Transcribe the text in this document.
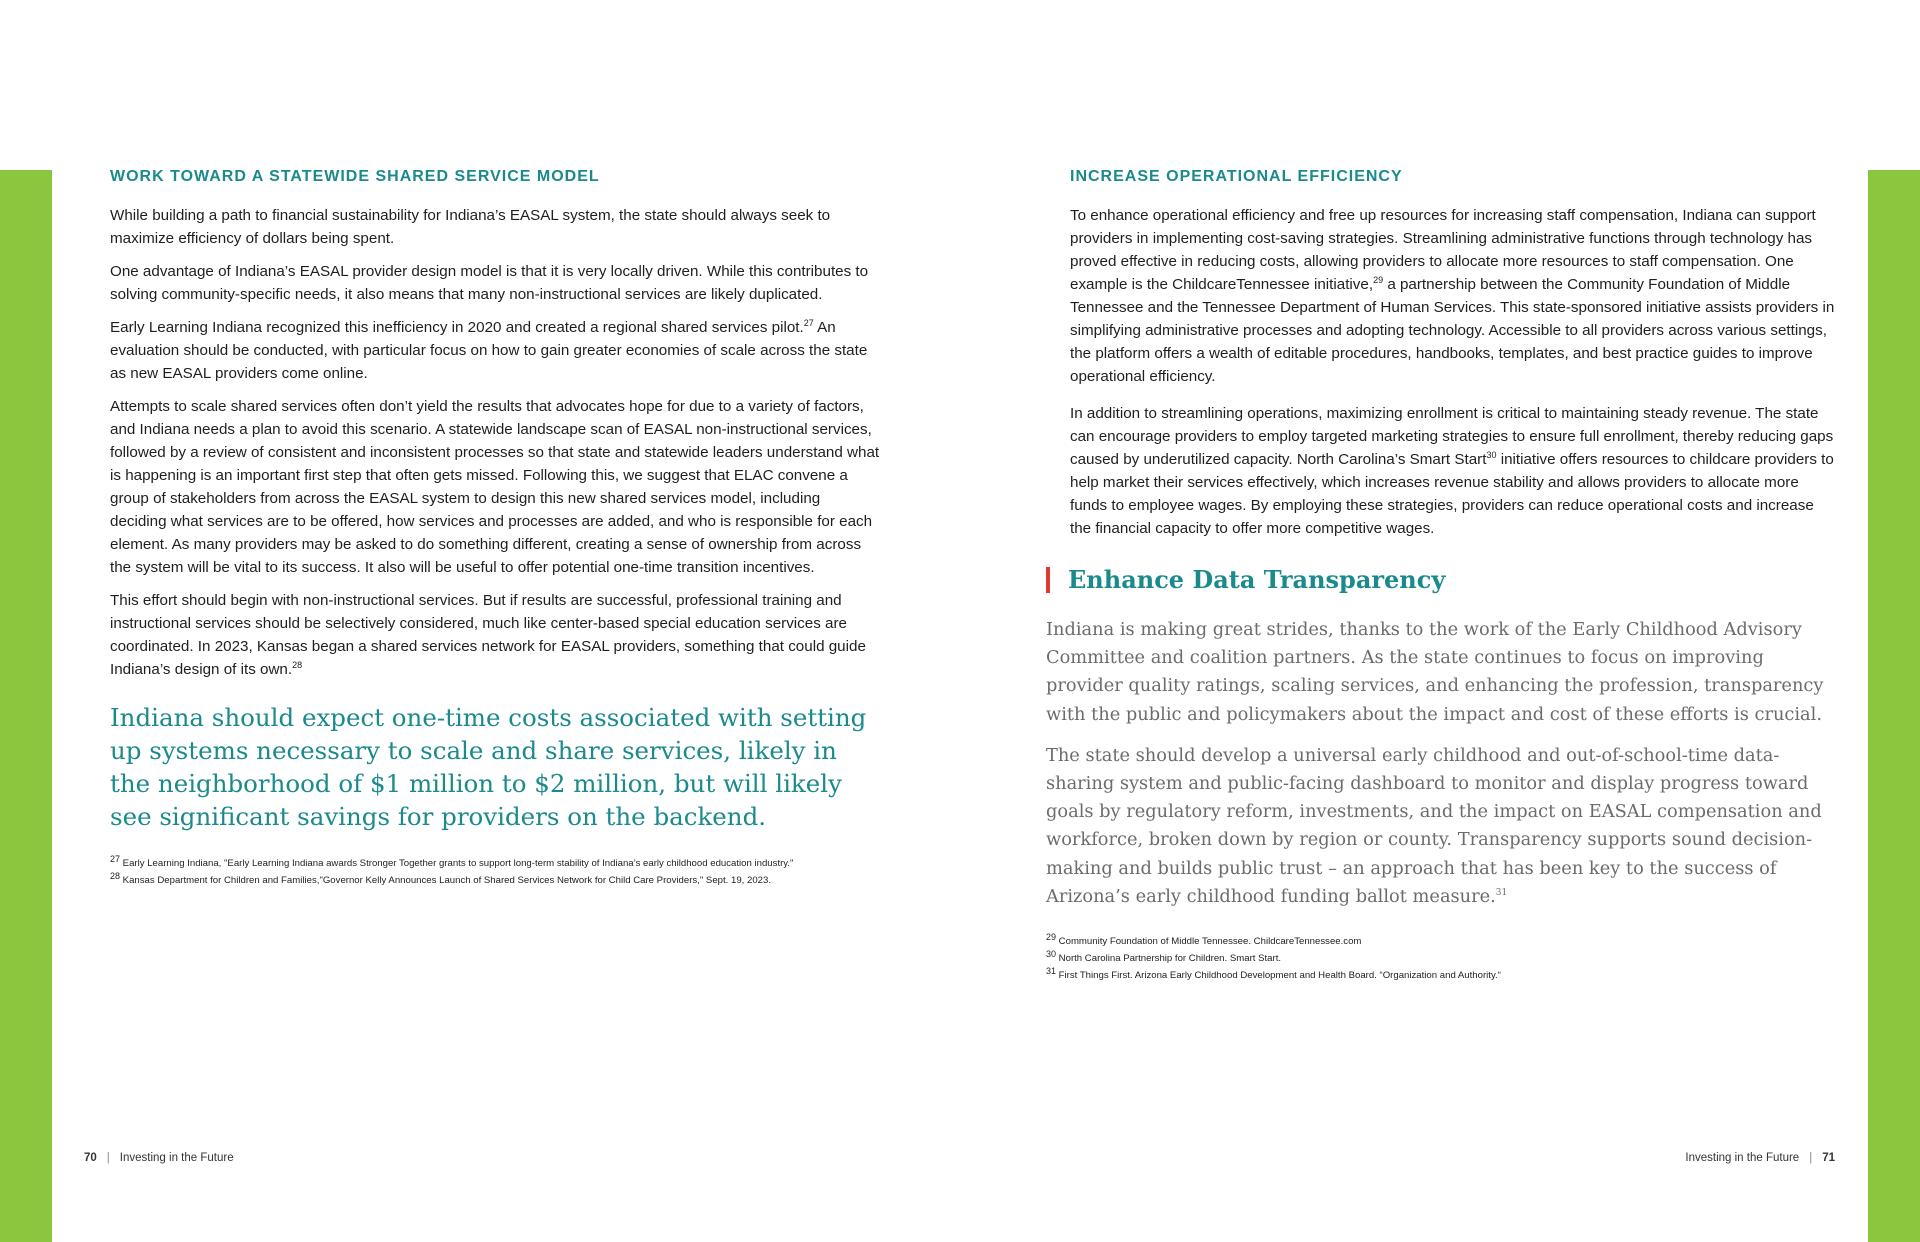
WORK TOWARD A STATEWIDE SHARED SERVICE MODEL

While building a path to financial sustainability for Indiana’s EASAL system, the state should always seek to maximize efficiency of dollars being spent.

One advantage of Indiana’s EASAL provider design model is that it is very locally driven. While this contributes to solving community-specific needs, it also means that many non-instructional services are likely duplicated.

Early Learning Indiana recognized this inefficiency in 2020 and created a regional shared services pilot.$^{27}$ An evaluation should be conducted, with particular focus on how to gain greater economies of scale across the state as new EASAL providers come online.

Attempts to scale shared services often don’t yield the results that advocates hope for due to a variety of factors, and Indiana needs a plan to avoid this scenario. A statewide landscape scan of EASAL non-instructional services, followed by a review of consistent and inconsistent processes so that state and statewide leaders understand what is happening is an important first step that often gets missed. Following this, we suggest that ELAC convene a group of stakeholders from across the EASAL system to design this new shared services model, including deciding what services are to be offered, how services and processes are added, and who is responsible for each element. As many providers may be asked to do something different, creating a sense of ownership from across the system will be vital to its success. It also will be useful to offer potential one-time transition incentives.

This effort should begin with non-instructional services. But if results are successful, professional training and instructional services should be selectively considered, much like center-based special education services are coordinated. In 2023, Kansas began a shared services network for EASAL providers, something that could guide Indiana’s design of its own.$^{28}$

Indiana should expect one-time costs associated with setting up systems necessary to scale and share services, likely in the neighborhood of $1 million to $2 million, but will likely see significant savings for providers on the backend.

$^{27}$ Early Learning Indiana, "Early Learning Indiana awards Stronger Together grants to support long-term stability of Indiana’s early childhood education industry."

$^{28}$ Kansas Department for Children and Families,"Governor Kelly Announces Launch of Shared Services Network for Child Care Providers," Sept. 19, 2023.

INCREASE OPERATIONAL EFFICIENCY

To enhance operational efficiency and free up resources for increasing staff compensation, Indiana can support providers in implementing cost-saving strategies. Streamlining administrative functions through technology has proved effective in reducing costs, allowing providers to allocate more resources to staff compensation. One example is the ChildcareTennessee initiative,$^{29}$ a partnership between the Community Foundation of Middle Tennessee and the Tennessee Department of Human Services. This state-sponsored initiative assists providers in simplifying administrative processes and adopting technology. Accessible to all providers across various settings, the platform offers a wealth of editable procedures, handbooks, templates, and best practice guides to improve operational efficiency.

In addition to streamlining operations, maximizing enrollment is critical to maintaining steady revenue. The state can encourage providers to employ targeted marketing strategies to ensure full enrollment, thereby reducing gaps caused by underutilized capacity. North Carolina’s Smart Start$^{30}$ initiative offers resources to childcare providers to help market their services effectively, which increases revenue stability and allows providers to allocate more funds to employee wages. By employing these strategies, providers can reduce operational costs and increase the financial capacity to offer more competitive wages.

Enhance Data Transparency

Indiana is making great strides, thanks to the work of the Early Childhood Advisory Committee and coalition partners. As the state continues to focus on improving provider quality ratings, scaling services, and enhancing the profession, transparency with the public and policymakers about the impact and cost of these efforts is crucial.

The state should develop a universal early childhood and out-of-school-time data-sharing system and public-facing dashboard to monitor and display progress toward goals by regulatory reform, investments, and the impact on EASAL compensation and workforce, broken down by region or county. Transparency supports sound decision-making and builds public trust – an approach that has been key to the success of Arizona’s early childhood funding ballot measure.$^{31}$

$^{29}$ Community Foundation of Middle Tennessee. ChildcareTennessee.com

$^{30}$ North Carolina Partnership for Children. Smart Start.

$^{31}$ First Things First. Arizona Early Childhood Development and Health Board. “Organization and Authority.“

70 | Investing in the Future	Investing in the Future | 71
